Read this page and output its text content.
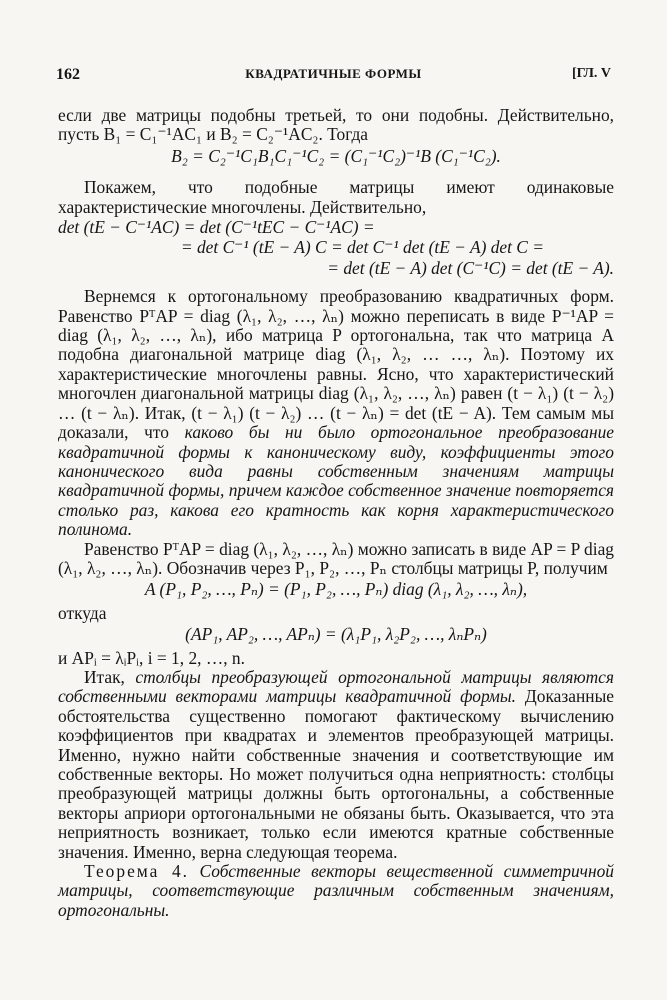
162	КВАДРАТИЧНЫЕ ФОРМЫ	[ГЛ. V

если две матрицы подобны третьей, то они подобны. Действительно, пусть B₁ = C₁⁻¹AC₁ и B₂ = C₂⁻¹AC₂. Тогда

B₂ = C₂⁻¹C₁B₁C₁⁻¹C₂ = (C₁⁻¹C₂)⁻¹B (C₁⁻¹C₂).

Покажем, что подобные матрицы имеют одинаковые характеристические многочлены. Действительно,

det (tE − C⁻¹AC) = det (C⁻¹tEC − C⁻¹AC) =
= det C⁻¹ (tE − A) C = det C⁻¹ det (tE − A) det C =
= det (tE − A) det (C⁻¹C) = det (tE − A).

Вернемся к ортогональному преобразованию квадратичных форм. Равенство PᵀAP = diag (λ₁, λ₂, …, λₙ) можно переписать в виде P⁻¹AP = diag (λ₁, λ₂, …, λₙ), ибо матрица P ортогональна, так что матрица A подобна диагональной матрице diag (λ₁, λ₂, … …, λₙ). Поэтому их характеристические многочлены равны. Ясно, что характеристический многочлен диагональной матрицы diag (λ₁, λ₂, …, λₙ) равен (t − λ₁) (t − λ₂) … (t − λₙ). Итак, (t − λ₁) (t − λ₂) … (t − λₙ) = det (tE − A). Тем самым мы доказали, что каково бы ни было ортогональное преобразование квадратичной формы к каноническому виду, коэффициенты этого канонического вида равны собственным значениям матрицы квадратичной формы, причем каждое собственное значение повторяется столько раз, какова его кратность как корня характеристического полинома.

Равенство PᵀAP = diag (λ₁, λ₂, …, λₙ) можно записать в виде AP = P diag (λ₁, λ₂, …, λₙ). Обозначив через P₁, P₂, …, Pₙ столбцы матрицы P, получим

A (P₁, P₂, …, Pₙ) = (P₁, P₂, …, Pₙ) diag (λ₁, λ₂, …, λₙ),

откуда

(AP₁, AP₂, …, APₙ) = (λ₁P₁, λ₂P₂, …, λₙPₙ)

и APᵢ = λᵢPᵢ, i = 1, 2, …, n.

Итак, столбцы преобразующей ортогональной матрицы являются собственными векторами матрицы квадратичной формы. Доказанные обстоятельства существенно помогают фактическому вычислению коэффициентов при квадратах и элементов преобразующей матрицы. Именно, нужно найти собственные значения и соответствующие им собственные векторы. Но может получиться одна неприятность: столбцы преобразующей матрицы должны быть ортогональны, а собственные векторы априори ортогональными не обязаны быть. Оказывается, что эта неприятность возникает, только если имеются кратные собственные значения. Именно, верна следующая теорема.

Теорема 4. Собственные векторы вещественной симметричной матрицы, соответствующие различным собственным значениям, ортогональны.
